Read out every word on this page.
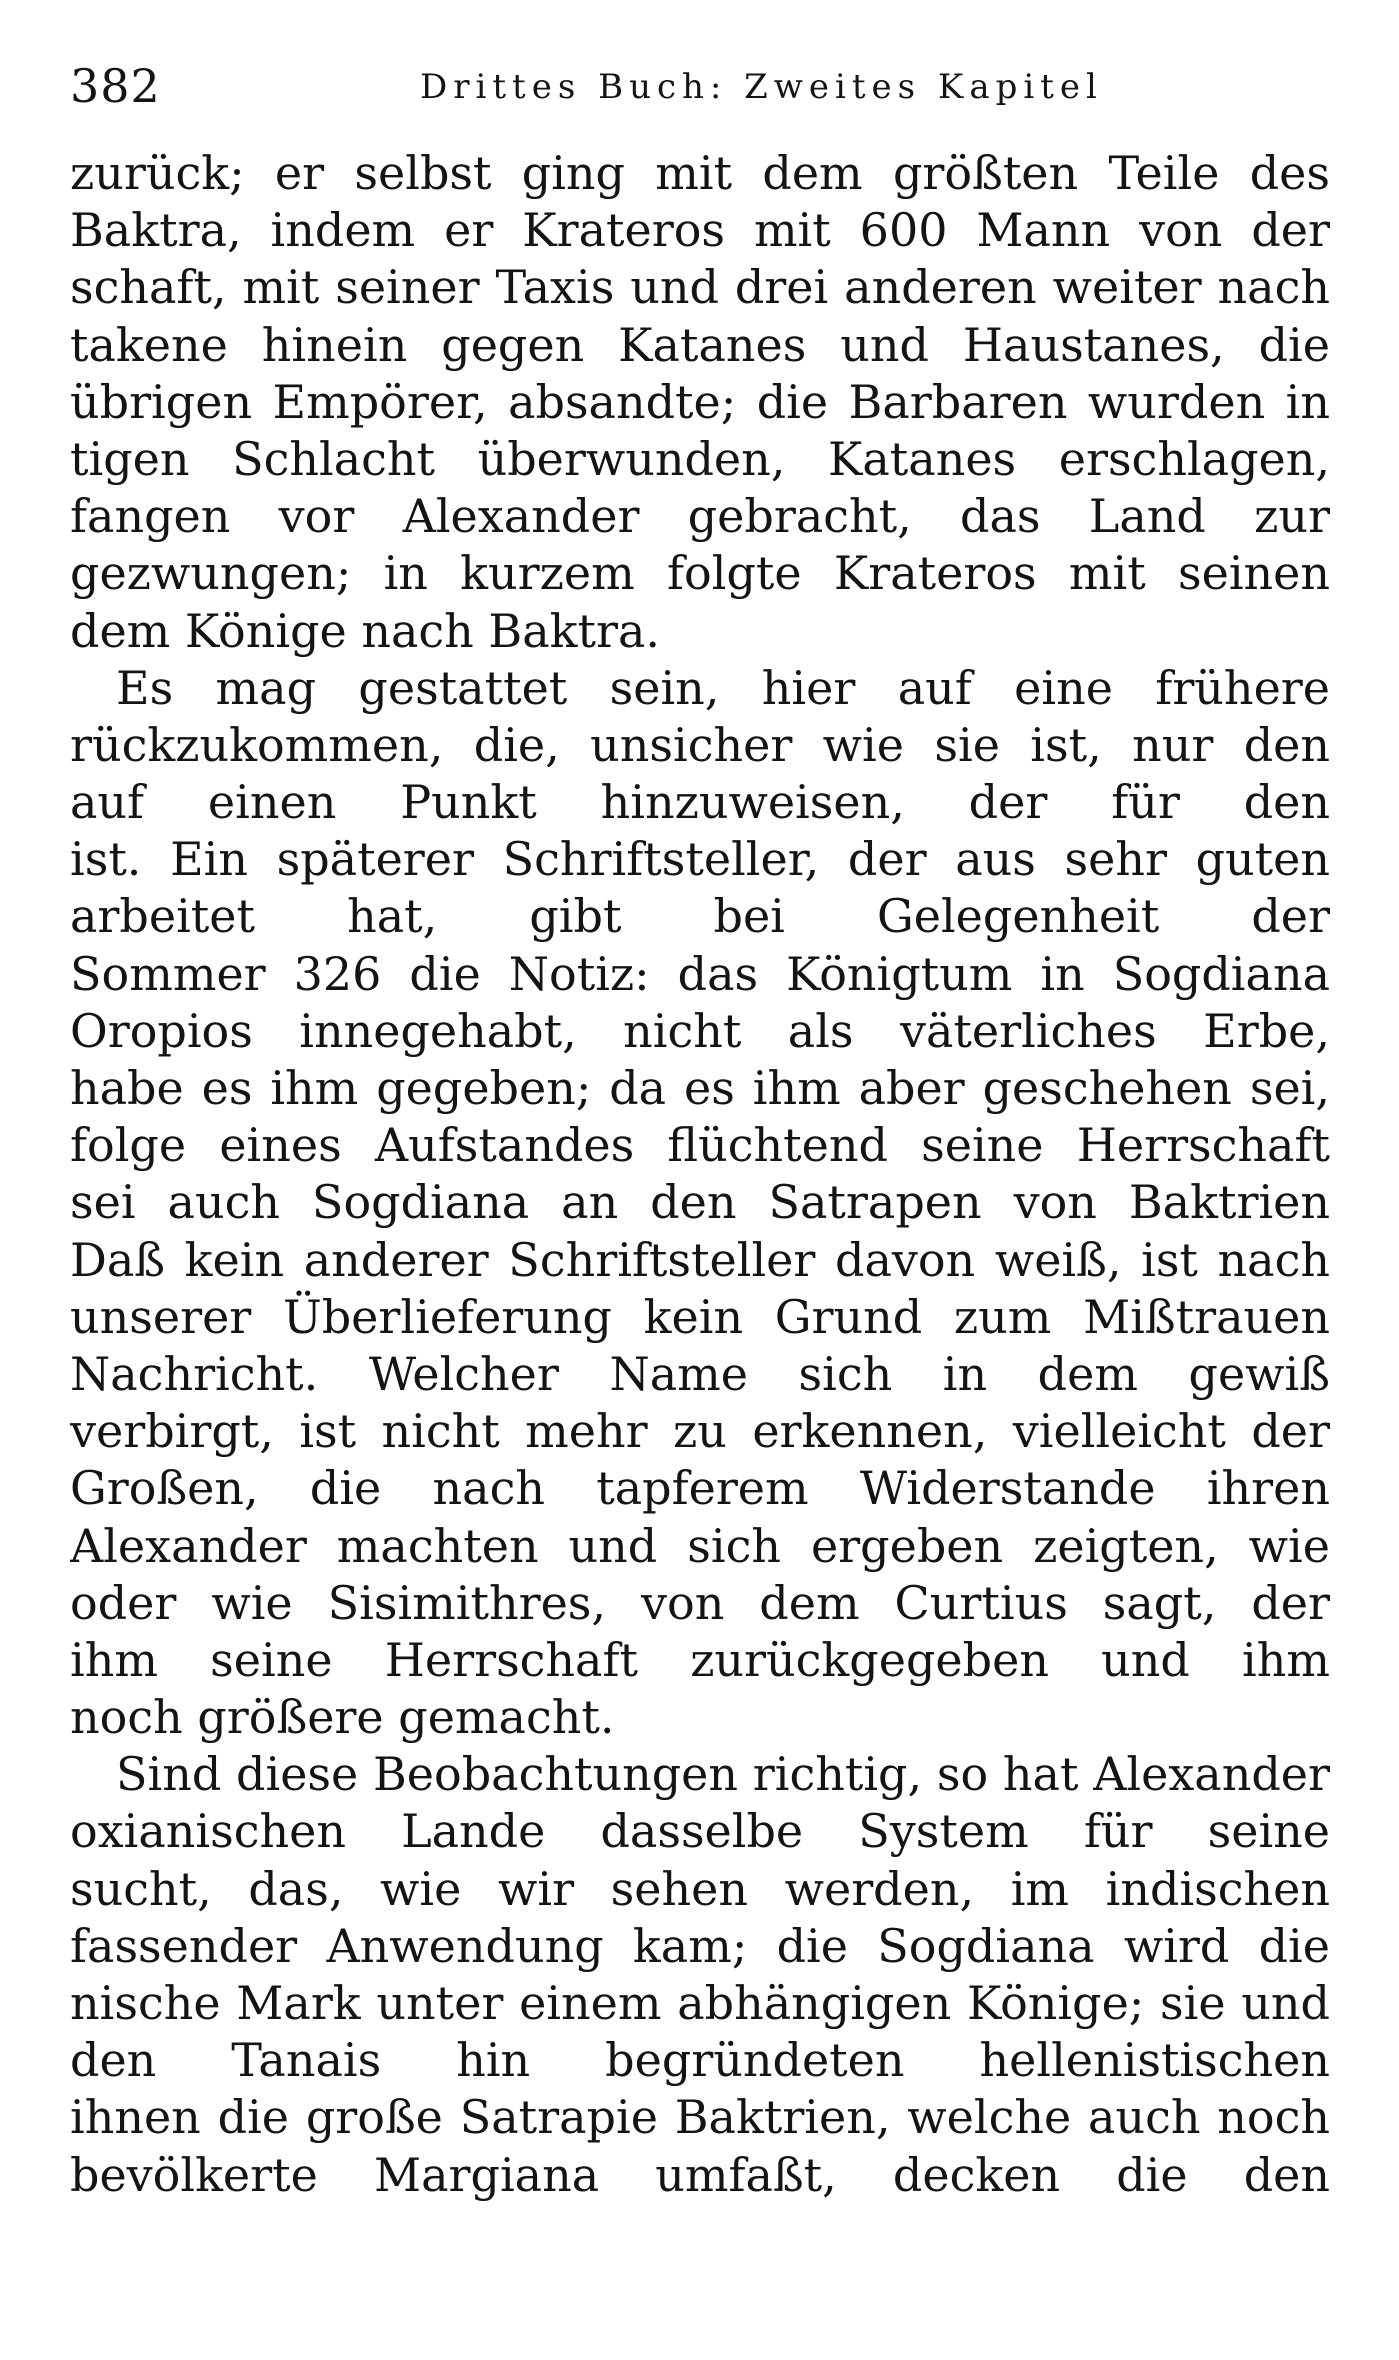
382	Drittes Buch: Zweites Kapitel
zurück; er selbst ging mit dem größten Teile des
Baktra, indem er Krateros mit 600 Mann von der
schaft, mit seiner Taxis und drei anderen weiter nach
takene hinein gegen Katanes und Haustanes, die
übrigen Empörer, absandte; die Barbaren wurden in
tigen Schlacht überwunden, Katanes erschlagen,
fangen vor Alexander gebracht, das Land zur
gezwungen; in kurzem folgte Krateros mit seinen
dem Könige nach Baktra.
Es mag gestattet sein, hier auf eine frühere
rückzukommen, die, unsicher wie sie ist, nur den
auf einen Punkt hinzuweisen, der für den
ist. Ein späterer Schriftsteller, der aus sehr guten
arbeitet hat, gibt bei Gelegenheit der
Sommer 326 die Notiz: das Königtum in Sogdiana
Oropios innegehabt, nicht als väterliches Erbe,
habe es ihm gegeben; da es ihm aber geschehen sei,
folge eines Aufstandes flüchtend seine Herrschaft
sei auch Sogdiana an den Satrapen von Baktrien
Daß kein anderer Schriftsteller davon weiß, ist nach
unserer Überlieferung kein Grund zum Mißtrauen
Nachricht. Welcher Name sich in dem gewiß
verbirgt, ist nicht mehr zu erkennen, vielleicht der
Großen, die nach tapferem Widerstande ihren
Alexander machten und sich ergeben zeigten, wie
oder wie Sisimithres, von dem Curtius sagt, der
ihm seine Herrschaft zurückgegeben und ihm
noch größere gemacht.
Sind diese Beobachtungen richtig, so hat Alexander
oxianischen Lande dasselbe System für seine
sucht, das, wie wir sehen werden, im indischen
fassender Anwendung kam; die Sogdiana wird die
nische Mark unter einem abhängigen Könige; sie und
den Tanais hin begründeten hellenistischen
ihnen die große Satrapie Baktrien, welche auch noch
bevölkerte Margiana umfaßt, decken die den
